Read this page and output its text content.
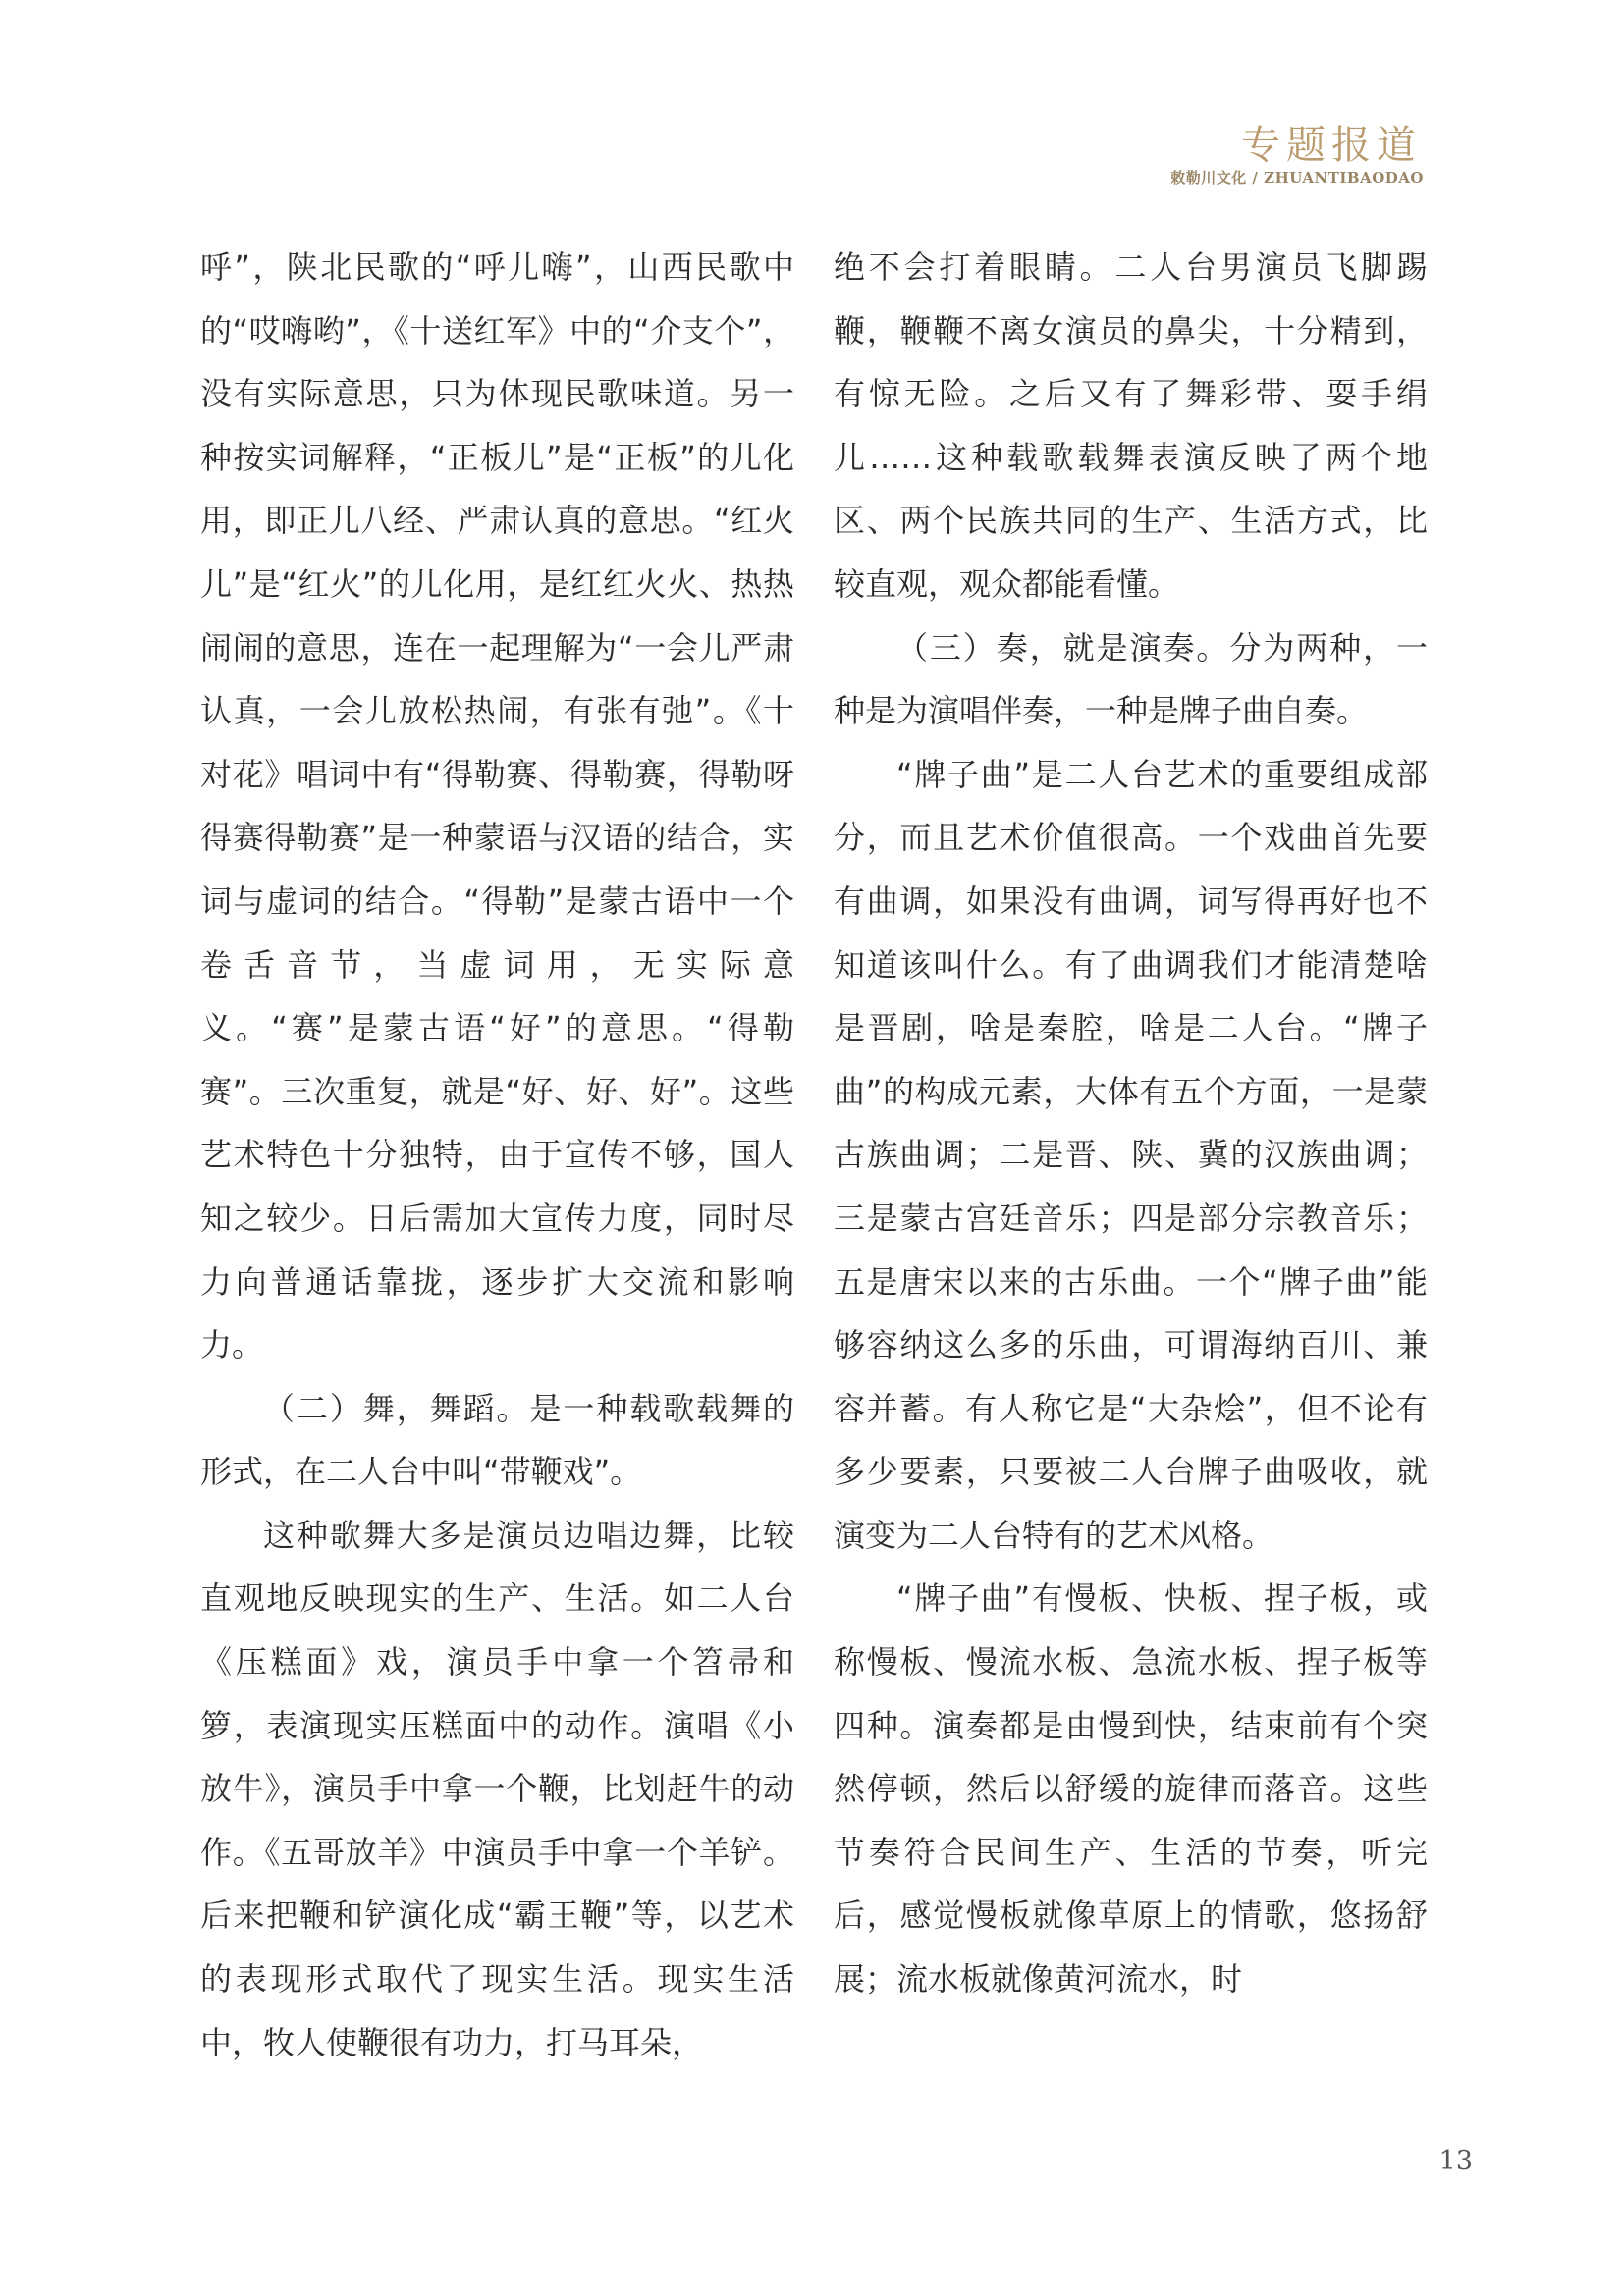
专题报道
敕勒川文化 / ZHUANTIBAODAO

呼”，陕北民歌的“呼儿嗨”，山西民歌中的“哎嗨哟”，《十送红军》中的“介支个”，没有实际意思，只为体现民歌味道。另一种按实词解释，“正板儿”是“正板”的儿化用，即正儿八经、严肃认真的意思。“红火儿”是“红火”的儿化用，是红红火火、热热闹闹的意思，连在一起理解为“一会儿严肃认真，一会儿放松热闹，有张有弛”。《十对花》唱词中有“得勒赛、得勒赛，得勒呀得赛得勒赛”是一种蒙语与汉语的结合，实词与虚词的结合。“得勒”是蒙古语中一个卷舌音节，当虚词用，无实际意义。“赛”是蒙古语“好”的意思。“得勒赛”。三次重复，就是“好、好、好”。这些艺术特色十分独特，由于宣传不够，国人知之较少。日后需加大宣传力度，同时尽力向普通话靠拢，逐步扩大交流和影响力。

（二）舞，舞蹈。是一种载歌载舞的形式，在二人台中叫“带鞭戏”。

这种歌舞大多是演员边唱边舞，比较直观地反映现实的生产、生活。如二人台《压糕面》戏，演员手中拿一个笤帚和箩，表演现实压糕面中的动作。演唱《小放牛》，演员手中拿一个鞭，比划赶牛的动作。《五哥放羊》中演员手中拿一个羊铲。后来把鞭和铲演化成“霸王鞭”等，以艺术的表现形式取代了现实生活。现实生活中，牧人使鞭很有功力，打马耳朵，

绝不会打着眼睛。二人台男演员飞脚踢鞭，鞭鞭不离女演员的鼻尖，十分精到，有惊无险。之后又有了舞彩带、耍手绢儿……这种载歌载舞表演反映了两个地区、两个民族共同的生产、生活方式，比较直观，观众都能看懂。

（三）奏，就是演奏。分为两种，一种是为演唱伴奏，一种是牌子曲自奏。

“牌子曲”是二人台艺术的重要组成部分，而且艺术价值很高。一个戏曲首先要有曲调，如果没有曲调，词写得再好也不知道该叫什么。有了曲调我们才能清楚啥是晋剧，啥是秦腔，啥是二人台。“牌子曲”的构成元素，大体有五个方面，一是蒙古族曲调；二是晋、陕、冀的汉族曲调；三是蒙古宫廷音乐；四是部分宗教音乐；五是唐宋以来的古乐曲。一个“牌子曲”能够容纳这么多的乐曲，可谓海纳百川、兼容并蓄。有人称它是“大杂烩”，但不论有多少要素，只要被二人台牌子曲吸收，就演变为二人台特有的艺术风格。

“牌子曲”有慢板、快板、捏子板，或称慢板、慢流水板、急流水板、捏子板等四种。演奏都是由慢到快，结束前有个突然停顿，然后以舒缓的旋律而落音。这些节奏符合民间生产、生活的节奏，听完后，感觉慢板就像草原上的情歌，悠扬舒展；流水板就像黄河流水，时

13
